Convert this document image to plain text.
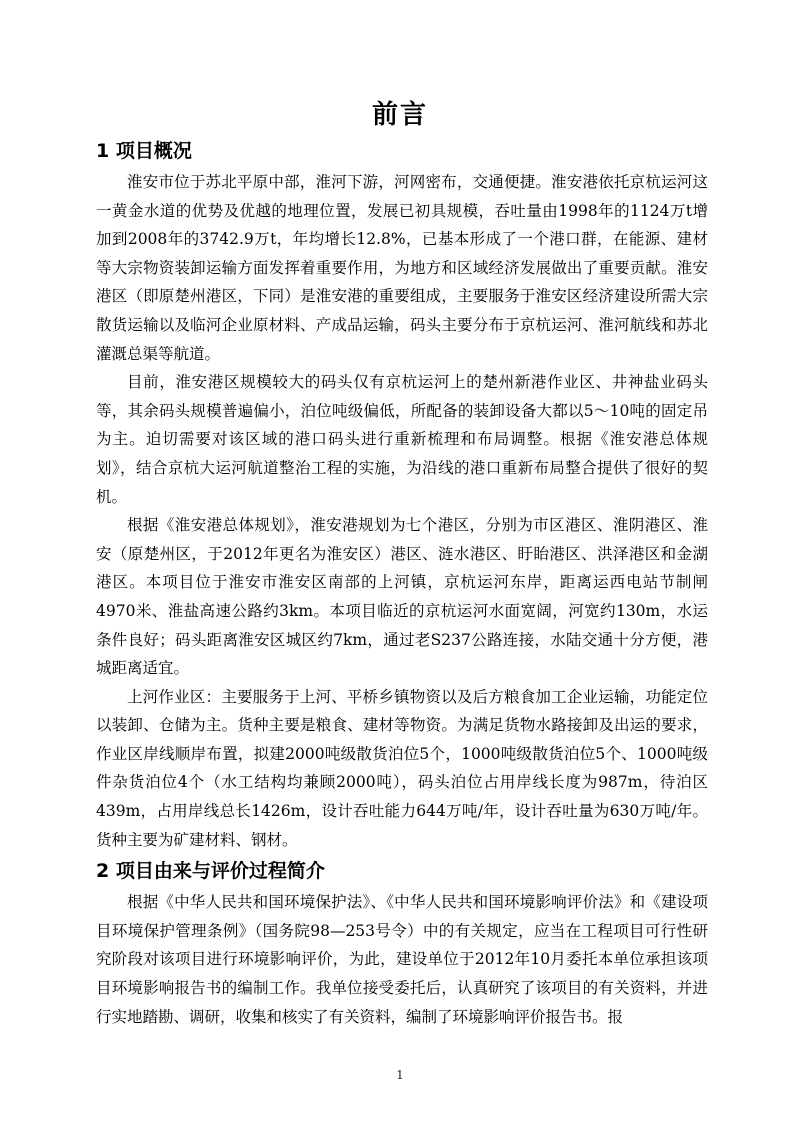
前言
1 项目概况

淮安市位于苏北平原中部，淮河下游，河网密布，交通便捷。淮安港依托京杭运河这一黄金水道的优势及优越的地理位置，发展已初具规模，吞吐量由1998年的1124万t增加到2008年的3742.9万t，年均增长12.8%，已基本形成了一个港口群，在能源、建材等大宗物资装卸运输方面发挥着重要作用，为地方和区域经济发展做出了重要贡献。淮安港区（即原楚州港区，下同）是淮安港的重要组成，主要服务于淮安区经济建设所需大宗散货运输以及临河企业原材料、产成品运输，码头主要分布于京杭运河、淮河航线和苏北灌溉总渠等航道。

目前，淮安港区规模较大的码头仅有京杭运河上的楚州新港作业区、井神盐业码头等，其余码头规模普遍偏小，泊位吨级偏低，所配备的装卸设备大都以5～10吨的固定吊为主。迫切需要对该区域的港口码头进行重新梳理和布局调整。根据《淮安港总体规划》，结合京杭大运河航道整治工程的实施，为沿线的港口重新布局整合提供了很好的契机。

根据《淮安港总体规划》，淮安港规划为七个港区，分别为市区港区、淮阴港区、淮安（原楚州区，于2012年更名为淮安区）港区、涟水港区、盱眙港区、洪泽港区和金湖港区。本项目位于淮安市淮安区南部的上河镇，京杭运河东岸，距离运西电站节制闸4970米、淮盐高速公路约3km。本项目临近的京杭运河水面宽阔，河宽约130m，水运条件良好；码头距离淮安区城区约7km，通过老S237公路连接，水陆交通十分方便，港城距离适宜。

上河作业区：主要服务于上河、平桥乡镇物资以及后方粮食加工企业运输，功能定位以装卸、仓储为主。货种主要是粮食、建材等物资。为满足货物水路接卸及出运的要求，作业区岸线顺岸布置，拟建2000吨级散货泊位5个，1000吨级散货泊位5个、1000吨级件杂货泊位4个（水工结构均兼顾2000吨），码头泊位占用岸线长度为987m，待泊区439m，占用岸线总长1426m，设计吞吐能力644万吨/年，设计吞吐量为630万吨/年。货种主要为矿建材料、钢材。

2 项目由来与评价过程简介

根据《中华人民共和国环境保护法》、《中华人民共和国环境影响评价法》和《建设项目环境保护管理条例》（国务院98—253号令）中的有关规定，应当在工程项目可行性研究阶段对该项目进行环境影响评价，为此，建设单位于2012年10月委托本单位承担该项目环境影响报告书的编制工作。我单位接受委托后，认真研究了该项目的有关资料，并进行实地踏勘、调研，收集和核实了有关资料，编制了环境影响评价报告书。报

1
